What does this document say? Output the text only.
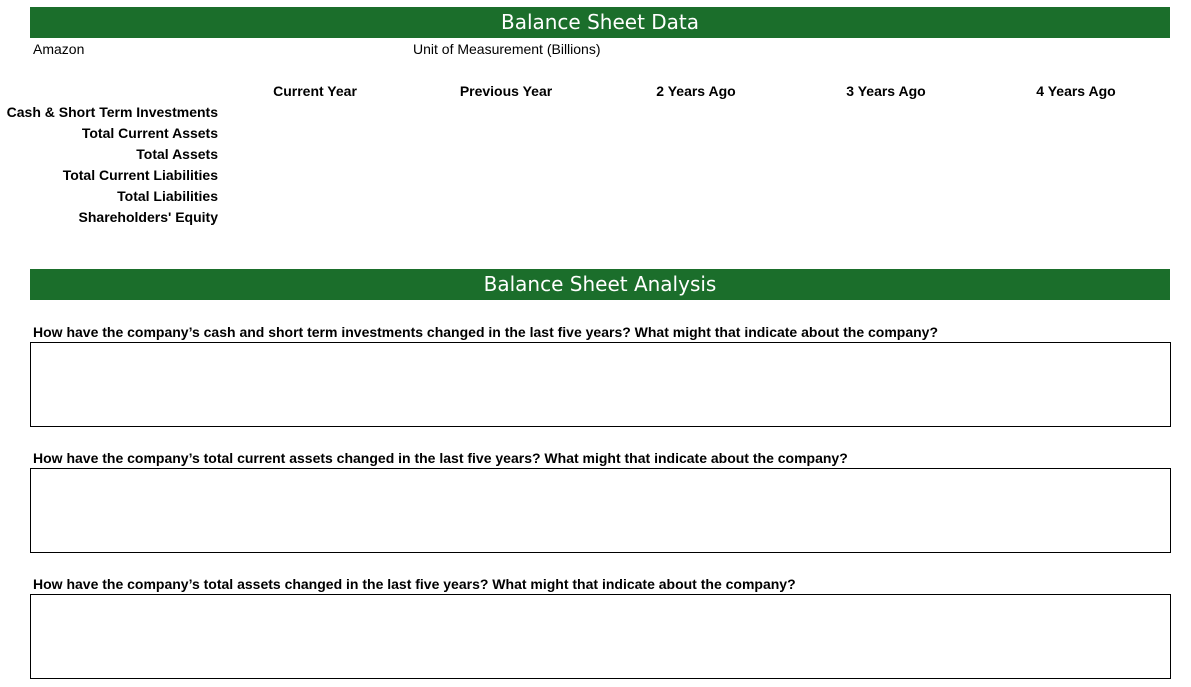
Balance Sheet Data
Amazon	Unit of Measurement (Billions)
Current Year	Previous Year	2 Years Ago	3 Years Ago	4 Years Ago
Cash & Short Term Investments
Total Current Assets
Total Assets
Total Current Liabilities
Total Liabilities
Shareholders' Equity
Balance Sheet Analysis
How have the company’s cash and short term investments changed in the last five years? What might that indicate about the company?
How have the company’s total current assets changed in the last five years? What might that indicate about the company?
How have the company’s total assets changed in the last five years? What might that indicate about the company?
